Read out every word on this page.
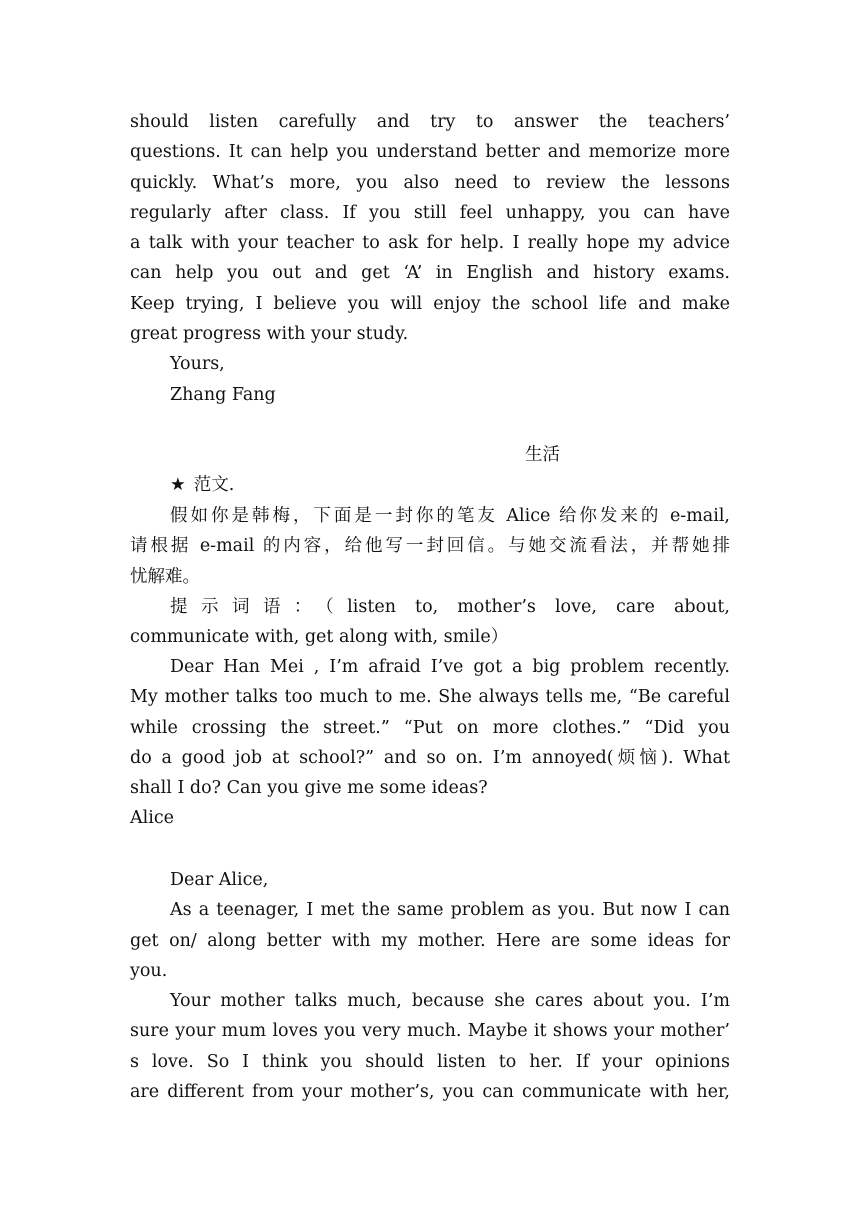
should listen carefully and try to answer the teachers’
questions. It can help you understand better and memorize more
quickly. What’s more, you also need to review the lessons
regularly after class. If you still feel unhappy, you can have
a talk with your teacher to ask for help. I really hope my advice
can help you out and get ‘A’ in English and history exams.
Keep trying, I believe you will enjoy the school life and make
great progress with your study.
Yours,
Zhang Fang
生活
★ 范文.
假如你是韩梅，下面是一封你的笔友 Alice 给你发来的 e-mail,
请根据 e-mail 的内容，给他写一封回信。与她交流看法，并帮她排
忧解难。
提示词语：（listen to, mother’s love, care about,
communicate with, get along with, smile）
Dear Han Mei , I’m afraid I’ve got a big problem recently.
My mother talks too much to me. She always tells me, “Be careful
while crossing the street.” “Put on more clothes.” “Did you
do a good job at school?” and so on. I’m annoyed(烦恼). What
shall I do? Can you give me some ideas?
Alice
Dear Alice,
As a teenager, I met the same problem as you. But now I can
get on/ along better with my mother. Here are some ideas for
you.
Your mother talks much, because she cares about you. I’m
sure your mum loves you very much. Maybe it shows your mother’
s love. So I think you should listen to her. If your opinions
are different from your mother’s, you can communicate with her,
